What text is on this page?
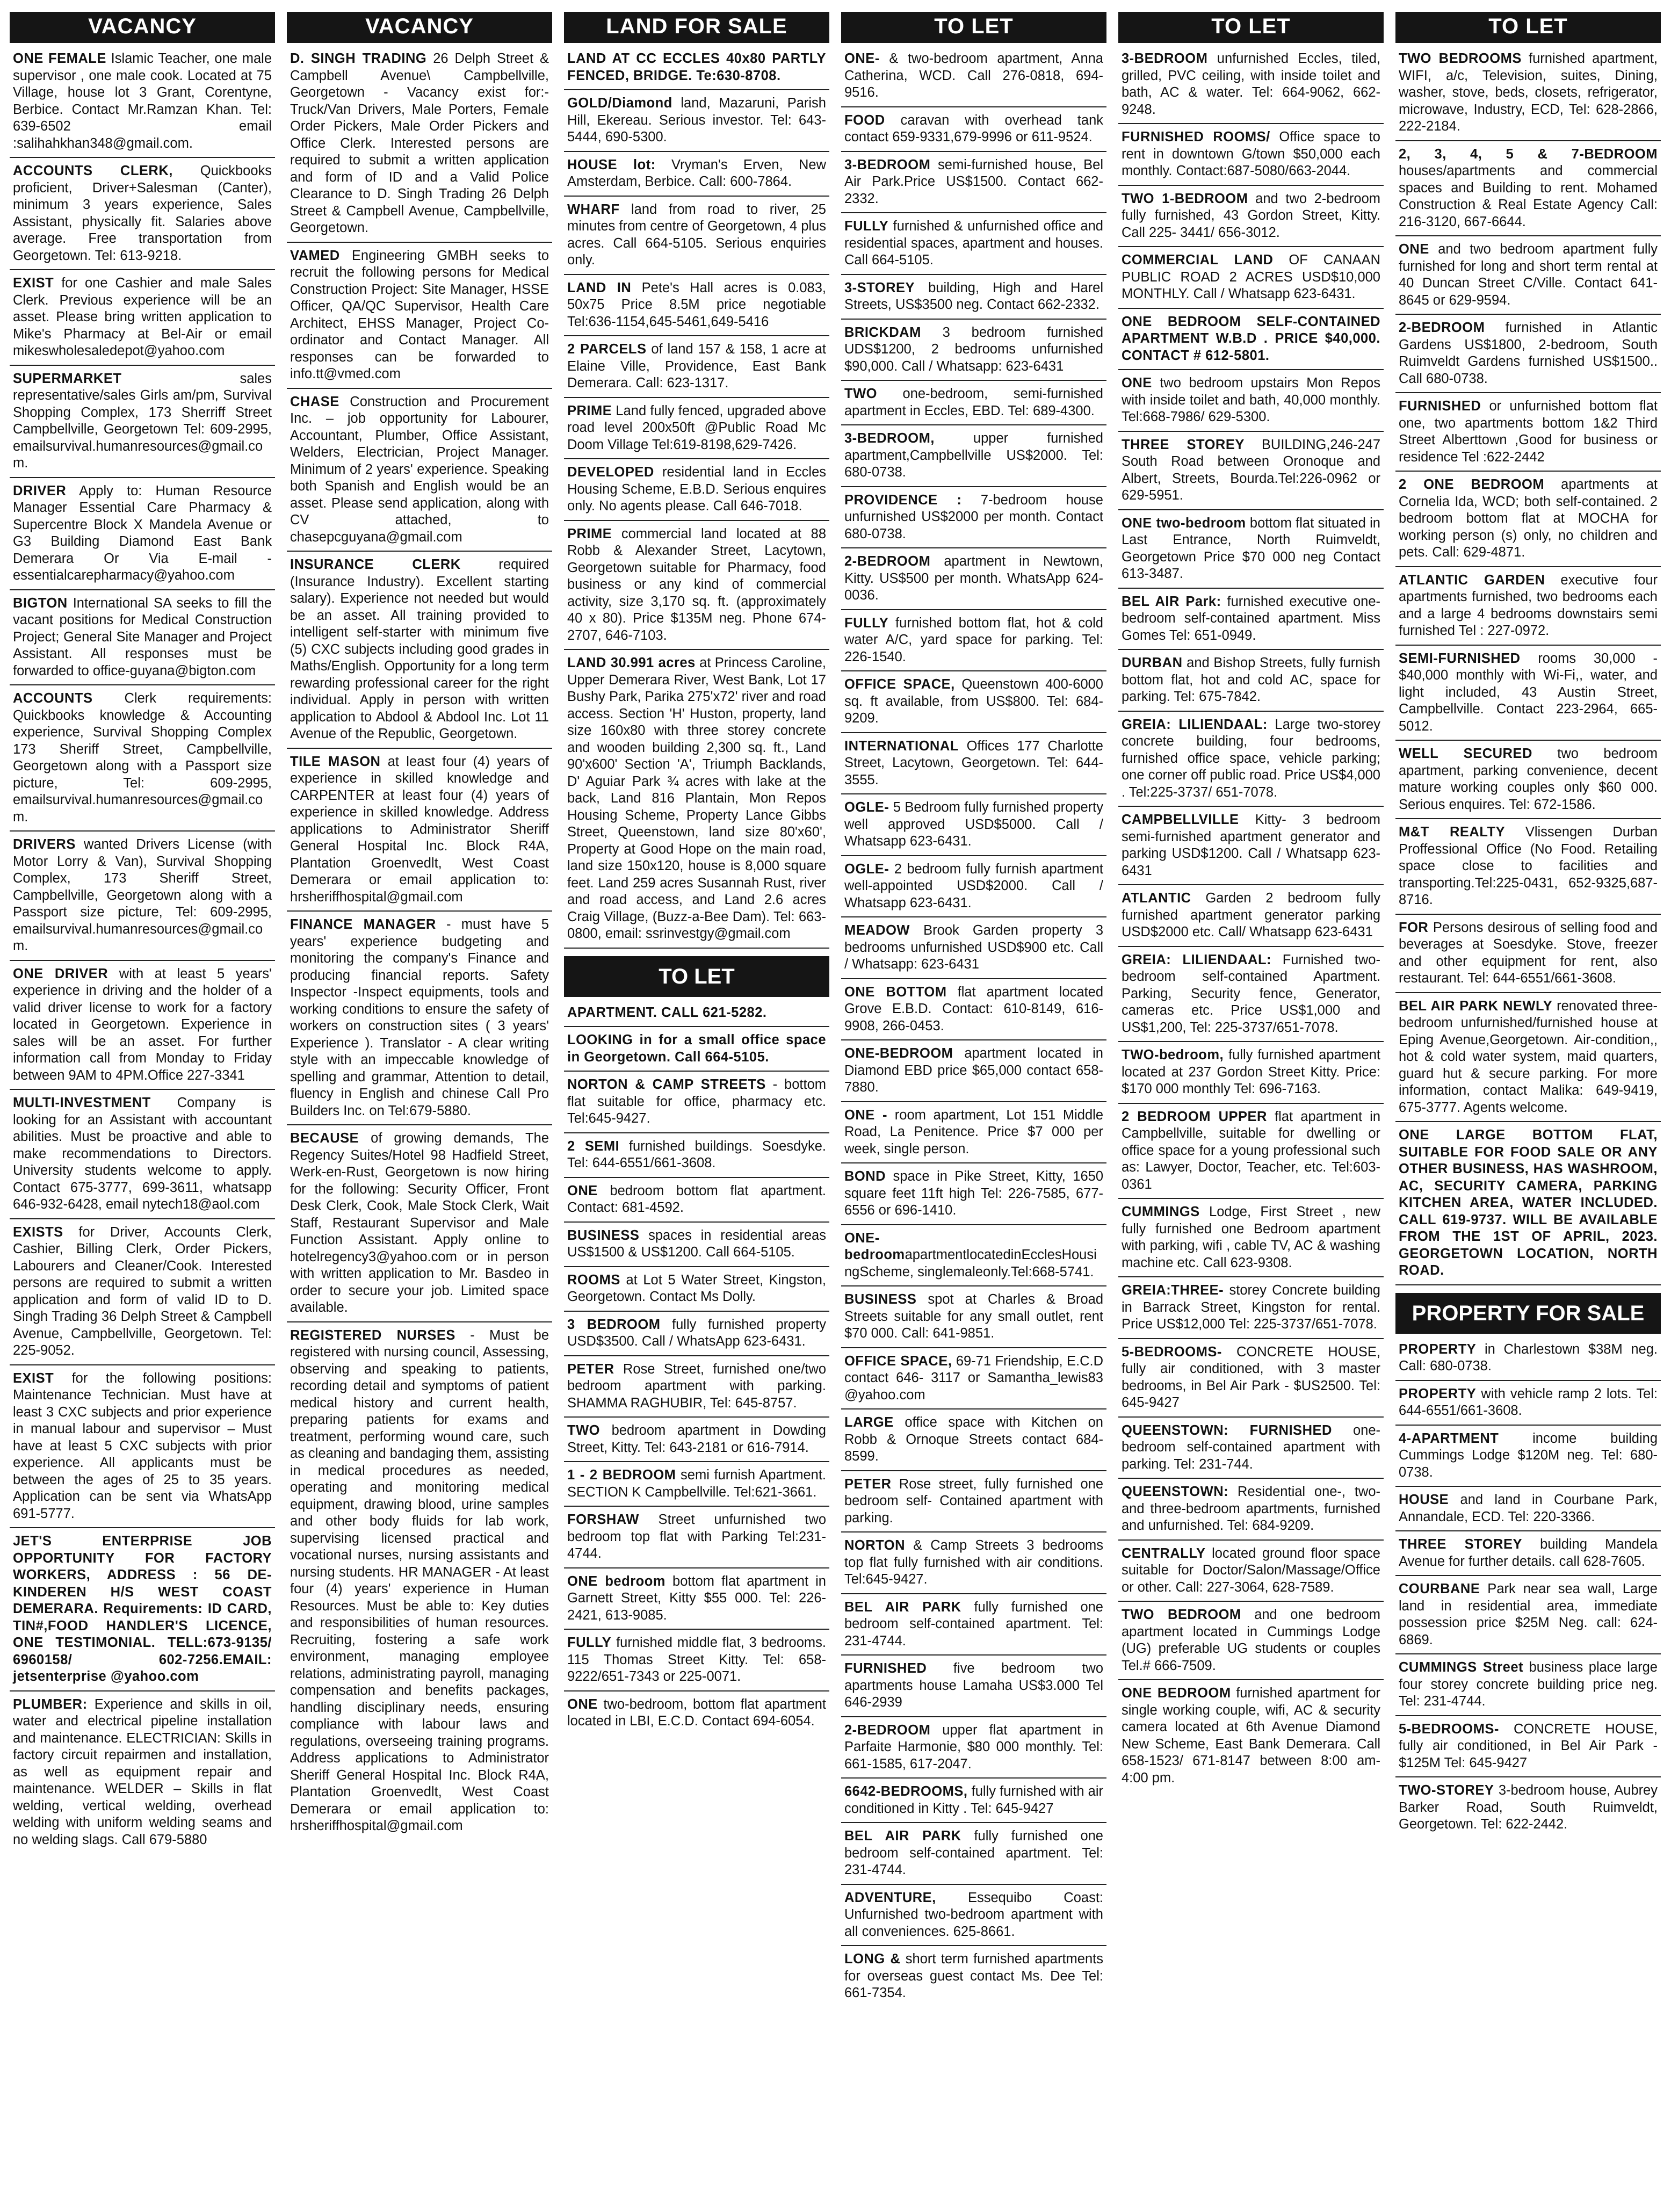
VACANCY
ONE FEMALE Islamic Teacher, one male supervisor , one male cook. Located at 75 Village, house lot 3 Grant, Corentyne, Berbice. Contact Mr.Ramzan Khan. Tel: 639-6502 email :salihahkhan348@gmail.com.
ACCOUNTS CLERK, Quickbooks proficient, Driver+Salesman (Canter), minimum 3 years experience, Sales Assistant, physically fit. Salaries above average. Free transportation from Georgetown. Tel: 613-9218.
EXIST for one Cashier and male Sales Clerk. Previous experience will be an asset. Please bring written application to Mike's Pharmacy at Bel-Air or email mikeswholesaledepot@yahoo.com
SUPERMARKET sales representative/sales Girls am/pm, Survival Shopping Complex, 173 Sherriff Street Campbellville, Georgetown Tel: 609-2995, emailsurvival.humanresources@gmail.com.
DRIVER Apply to: Human Resource Manager Essential Care Pharmacy & Supercentre Block X Mandela Avenue or G3 Building Diamond East Bank Demerara Or Via E-mail - essentialcarepharmacy@yahoo.com
BIGTON International SA seeks to fill the vacant positions for Medical Construction Project; General Site Manager and Project Assistant. All responses must be forwarded to office-guyana@bigton.com
ACCOUNTS Clerk requirements: Quickbooks knowledge & Accounting experience, Survival Shopping Complex 173 Sheriff Street, Campbellville, Georgetown along with a Passport size picture, Tel: 609-2995, emailsurvival.humanresources@gmail.com.
DRIVERS wanted Drivers License (with Motor Lorry & Van), Survival Shopping Complex, 173 Sheriff Street, Campbellville, Georgetown along with a Passport size picture, Tel: 609-2995, emailsurvival.humanresources@gmail.com.
ONE DRIVER with at least 5 years' experience in driving and the holder of a valid driver license to work for a factory located in Georgetown. Experience in sales will be an asset. For further information call from Monday to Friday between 9AM to 4PM.Office 227-3341
MULTI-INVESTMENT Company is looking for an Assistant with accountant abilities. Must be proactive and able to make recommendations to Directors. University students welcome to apply. Contact 675-3777, 699-3611, whatsapp 646-932-6428, email nytech18@aol.com
EXISTS for Driver, Accounts Clerk, Cashier, Billing Clerk, Order Pickers, Labourers and Cleaner/Cook. Interested persons are required to submit a written application and form of valid ID to D. Singh Trading 36 Delph Street & Campbell Avenue, Campbellville, Georgetown. Tel: 225-9052.
EXIST for the following positions: Maintenance Technician. Must have at least 3 CXC subjects and prior experience in manual labour and supervisor – Must have at least 5 CXC subjects with prior experience. All applicants must be between the ages of 25 to 35 years. Application can be sent via WhatsApp 691-5777.
JET'S ENTERPRISE JOB OPPORTUNITY FOR FACTORY WORKERS, ADDRESS : 56 DE-KINDEREN H/S WEST COAST DEMERARA. Requirements: ID CARD, TIN#,FOOD HANDLER'S LICENCE, ONE TESTIMONIAL. TELL:673-9135/ 6960158/ 602-7256.EMAIL: jetsenterprise @yahoo.com
PLUMBER: Experience and skills in oil, water and electrical pipeline installation and maintenance. ELECTRICIAN: Skills in factory circuit repairmen and installation, as well as equipment repair and maintenance. WELDER – Skills in flat welding, vertical welding, overhead welding with uniform welding seams and no welding slags. Call 679-5880
VACANCY
D. SINGH TRADING 26 Delph Street & Campbell Avenue\ Campbellville, Georgetown - Vacancy exist for:-Truck/Van Drivers, Male Porters, Female Order Pickers, Male Order Pickers and Office Clerk. Interested persons are required to submit a written application and form of ID and a Valid Police Clearance to D. Singh Trading 26 Delph Street & Campbell Avenue, Campbellville, Georgetown.
VAMED Engineering GMBH seeks to recruit the following persons for Medical Construction Project: Site Manager, HSSE Officer, QA/QC Supervisor, Health Care Architect, EHSS Manager, Project Co-ordinator and Contact Manager. All responses can be forwarded to info.tt@vmed.com
CHASE Construction and Procurement Inc. – job opportunity for Labourer, Accountant, Plumber, Office Assistant, Welders, Electrician, Project Manager. Minimum of 2 years' experience. Speaking both Spanish and English would be an asset. Please send application, along with CV attached, to chasepcguyana@gmail.com
INSURANCE CLERK required (Insurance Industry). Excellent starting salary). Experience not needed but would be an asset. All training provided to intelligent self-starter with minimum five (5) CXC subjects including good grades in Maths/English. Opportunity for a long term rewarding professional career for the right individual. Apply in person with written application to Abdool & Abdool Inc. Lot 11 Avenue of the Republic, Georgetown.
TILE MASON at least four (4) years of experience in skilled knowledge and CARPENTER at least four (4) years of experience in skilled knowledge. Address applications to Administrator Sheriff General Hospital Inc. Block R4A, Plantation Groenvedlt, West Coast Demerara or email application to: hrsheriffhospital@gmail.com
FINANCE MANAGER - must have 5 years' experience budgeting and monitoring the company's Finance and producing financial reports. Safety Inspector -Inspect equipments, tools and working conditions to ensure the safety of workers on construction sites ( 3 years' Experience ). Translator - A clear writing style with an impeccable knowledge of spelling and grammar, Attention to detail, fluency in English and chinese Call Pro Builders Inc. on Tel:679-5880.
BECAUSE of growing demands, The Regency Suites/Hotel 98 Hadfield Street, Werk-en-Rust, Georgetown is now hiring for the following: Security Officer, Front Desk Clerk, Cook, Male Stock Clerk, Wait Staff, Restaurant Supervisor and Male Function Assistant. Apply online to hotelregency3@yahoo.com or in person with written application to Mr. Basdeo in order to secure your job. Limited space available.
REGISTERED NURSES - Must be registered with nursing council, Assessing, observing and speaking to patients, recording detail and symptoms of patient medical history and current health, preparing patients for exams and treatment, performing wound care, such as cleaning and bandaging them, assisting in medical procedures as needed, operating and monitoring medical equipment, drawing blood, urine samples and other body fluids for lab work, supervising licensed practical and vocational nurses, nursing assistants and nursing students. HR MANAGER - At least four (4) years' experience in Human Resources. Must be able to: Key duties and responsibilities of human resources. Recruiting, fostering a safe work environment, managing employee relations, administrating payroll, managing compensation and benefits packages, handling disciplinary needs, ensuring compliance with labour laws and regulations, overseeing training programs. Address applications to Administrator Sheriff General Hospital Inc. Block R4A, Plantation Groenvedlt, West Coast Demerara or email application to: hrsheriffhospital@gmail.com
LAND FOR SALE
LAND AT CC ECCLES 40x80 PARTLY FENCED, BRIDGE. Te:630-8708.
GOLD/Diamond land, Mazaruni, Parish Hill, Ekereau. Serious investor. Tel: 643-5444, 690-5300.
HOUSE lot: Vryman's Erven, New Amsterdam, Berbice. Call: 600-7864.
WHARF land from road to river, 25 minutes from centre of Georgetown, 4 plus acres. Call 664-5105. Serious enquiries only.
LAND IN Pete's Hall acres is 0.083, 50x75 Price 8.5M price negotiable Tel:636-1154,645-5461,649-5416
2 PARCELS of land 157 & 158, 1 acre at Elaine Ville, Providence, East Bank Demerara. Call: 623-1317.
PRIME Land fully fenced, upgraded above road level 200x50ft @Public Road Mc Doom Village Tel:619-8198,629-7426.
DEVELOPED residential land in Eccles Housing Scheme, E.B.D. Serious enquires only. No agents please. Call 646-7018.
PRIME commercial land located at 88 Robb & Alexander Street, Lacytown, Georgetown suitable for Pharmacy, food business or any kind of commercial activity, size 3,170 sq. ft. (approximately 40 x 80). Price $135M neg. Phone 674-2707, 646-7103.
LAND 30.991 acres at Princess Caroline, Upper Demerara River, West Bank, Lot 17 Bushy Park, Parika 275'x72' river and road access. Section 'H' Huston, property, land size 160x80 with three storey concrete and wooden building 2,300 sq. ft., Land 90'x600' Section 'A', Triumph Backlands, D' Aguiar Park ¾ acres with lake at the back, Land 816 Plantain, Mon Repos Housing Scheme, Property Lance Gibbs Street, Queenstown, land size 80'x60', Property at Good Hope on the main road, land size 150x120, house is 8,000 square feet. Land 259 acres Susannah Rust, river and road access, and Land 2.6 acres Craig Village, (Buzz-a-Bee Dam). Tel: 663-0800, email: ssrinvestgy@gmail.com
TO LET
APARTMENT. CALL 621-5282.
LOOKING in for a small office space in Georgetown. Call 664-5105.
NORTON & CAMP STREETS - bottom flat suitable for office, pharmacy etc. Tel:645-9427.
2 SEMI furnished buildings. Soesdyke. Tel: 644-6551/661-3608.
ONE bedroom bottom flat apartment. Contact: 681-4592.
BUSINESS spaces in residential areas US$1500 & US$1200. Call 664-5105.
ROOMS at Lot 5 Water Street, Kingston, Georgetown. Contact Ms Dolly.
3 BEDROOM fully furnished property USD$3500. Call / WhatsApp 623-6431.
PETER Rose Street, furnished one/two bedroom apartment with parking. SHAMMA RAGHUBIR, Tel: 645-8757.
TWO bedroom apartment in Dowding Street, Kitty. Tel: 643-2181 or 616-7914.
1 - 2 BEDROOM semi furnish Apartment. SECTION K Campbellville. Tel:621-3661.
FORSHAW Street unfurnished two bedroom top flat with Parking Tel:231-4744.
ONE bedroom bottom flat apartment in Garnett Street, Kitty $55 000. Tel: 226-2421, 613-9085.
FULLY furnished middle flat, 3 bedrooms. 115 Thomas Street Kitty. Tel: 658-9222/651-7343 or 225-0071.
ONE two-bedroom, bottom flat apartment located in LBI, E.C.D. Contact 694-6054.
TO LET
ONE- & two-bedroom apartment, Anna Catherina, WCD. Call 276-0818, 694-9516.
FOOD caravan with overhead tank contact 659-9331,679-9996 or 611-9524.
3-BEDROOM semi-furnished house, Bel Air Park.Price US$1500. Contact 662-2332.
FULLY furnished & unfurnished office and residential spaces, apartment and houses. Call 664-5105.
3-STOREY building, High and Harel Streets, US$3500 neg. Contact 662-2332.
BRICKDAM 3 bedroom furnished UDS$1200, 2 bedrooms unfurnished $90,000. Call / Whatsapp: 623-6431
TWO one-bedroom, semi-furnished apartment in Eccles, EBD. Tel: 689-4300.
3-BEDROOM, upper furnished apartment,Campbellville US$2000. Tel: 680-0738.
PROVIDENCE : 7-bedroom house unfurnished US$2000 per month. Contact 680-0738.
2-BEDROOM apartment in Newtown, Kitty. US$500 per month. WhatsApp 624-0036.
FULLY furnished bottom flat, hot & cold water A/C, yard space for parking. Tel: 226-1540.
OFFICE SPACE, Queenstown 400-6000 sq. ft available, from US$800. Tel: 684-9209.
INTERNATIONAL Offices 177 Charlotte Street, Lacytown, Georgetown. Tel: 644-3555.
OGLE- 5 Bedroom fully furnished property well approved USD$5000. Call / Whatsapp 623-6431.
OGLE- 2 bedroom fully furnish apartment well-appointed USD$2000. Call / Whatsapp 623-6431.
MEADOW Brook Garden property 3 bedrooms unfurnished USD$900 etc. Call / Whatsapp: 623-6431
ONE BOTTOM flat apartment located Grove E.B.D. Contact: 610-8149, 616-9908, 266-0453.
ONE-BEDROOM apartment located in Diamond EBD price $65,000 contact 658-7880.
ONE - room apartment, Lot 151 Middle Road, La Penitence. Price $7 000 per week, single person.
BOND space in Pike Street, Kitty, 1650 square feet 11ft high Tel: 226-7585, 677-6556 or 696-1410.
ONE-bedroomapartmentlocatedinEcclesHousingScheme, singlemaleonly.Tel:668-5741.
BUSINESS spot at Charles & Broad Streets suitable for any small outlet, rent $70 000. Call: 641-9851.
OFFICE SPACE, 69-71 Friendship, E.C.D contact 646- 3117 or Samantha_lewis83 @yahoo.com
LARGE office space with Kitchen on Robb & Ornoque Streets contact 684-8599.
PETER Rose street, fully furnished one bedroom self- Contained apartment with parking.
NORTON & Camp Streets 3 bedrooms top flat fully furnished with air conditions. Tel:645-9427.
BEL AIR PARK fully furnished one bedroom self-contained apartment. Tel: 231-4744.
FURNISHED five bedroom two apartments house Lamaha US$3.000 Tel 646-2939
2-BEDROOM upper flat apartment in Parfaite Harmonie, $80 000 monthly. Tel: 661-1585, 617-2047.
6642-BEDROOMS, fully furnished with air conditioned in Kitty . Tel: 645-9427
BEL AIR PARK fully furnished one bedroom self-contained apartment. Tel: 231-4744.
ADVENTURE, Essequibo Coast: Unfurnished two-bedroom apartment with all conveniences. 625-8661.
LONG & short term furnished apartments for overseas guest contact Ms. Dee Tel: 661-7354.
TO LET
3-BEDROOM unfurnished Eccles, tiled, grilled, PVC ceiling, with inside toilet and bath, AC & water. Tel: 664-9062, 662-9248.
FURNISHED ROOMS/ Office space to rent in downtown G/town $50,000 each monthly. Contact:687-5080/663-2044.
TWO 1-BEDROOM and two 2-bedroom fully furnished, 43 Gordon Street, Kitty. Call 225- 3441/ 656-3012.
COMMERCIAL LAND OF CANAAN PUBLIC ROAD 2 ACRES USD$10,000 MONTHLY. Call / Whatsapp 623-6431.
ONE BEDROOM SELF-CONTAINED APARTMENT W.B.D . PRICE $40,000. CONTACT # 612-5801.
ONE two bedroom upstairs Mon Repos with inside toilet and bath, 40,000 monthly. Tel:668-7986/ 629-5300.
THREE STOREY BUILDING,246-247 South Road between Oronoque and Albert, Streets, Bourda.Tel:226-0962 or 629-5951.
ONE two-bedroom bottom flat situated in Last Entrance, North Ruimveldt, Georgetown Price $70 000 neg Contact 613-3487.
BEL AIR Park: furnished executive one-bedroom self-contained apartment. Miss Gomes Tel: 651-0949.
DURBAN and Bishop Streets, fully furnish bottom flat, hot and cold AC, space for parking. Tel: 675-7842.
GREIA: LILIENDAAL: Large two-storey concrete building, four bedrooms, furnished office space, vehicle parking; one corner off public road. Price US$4,000 . Tel:225-3737/ 651-7078.
CAMPBELLVILLE Kitty- 3 bedroom semi-furnished apartment generator and parking USD$1200. Call / Whatsapp 623-6431
ATLANTIC Garden 2 bedroom fully furnished apartment generator parking USD$2000 etc. Call/ Whatsapp 623-6431
GREIA: LILIENDAAL: Furnished two-bedroom self-contained Apartment. Parking, Security fence, Generator, cameras etc. Price US$1,000 and US$1,200, Tel: 225-3737/651-7078.
TWO-bedroom, fully furnished apartment located at 237 Gordon Street Kitty. Price: $170 000 monthly Tel: 696-7163.
2 BEDROOM UPPER flat apartment in Campbellville, suitable for dwelling or office space for a young professional such as: Lawyer, Doctor, Teacher, etc. Tel:603-0361
CUMMINGS Lodge, First Street , new fully furnished one Bedroom apartment with parking, wifi , cable TV, AC & washing machine etc. Call 623-9308.
GREIA:THREE- storey Concrete building in Barrack Street, Kingston for rental. Price US$12,000 Tel: 225-3737/651-7078.
5-BEDROOMS- CONCRETE HOUSE, fully air conditioned, with 3 master bedrooms, in Bel Air Park - $US2500. Tel: 645-9427
QUEENSTOWN: FURNISHED one-bedroom self-contained apartment with parking. Tel: 231-744.
QUEENSTOWN: Residential one-, two- and three-bedroom apartments, furnished and unfurnished. Tel: 684-9209.
CENTRALLY located ground floor space suitable for Doctor/Salon/Massage/Office or other. Call: 227-3064, 628-7589.
TWO BEDROOM and one bedroom apartment located in Cummings Lodge (UG) preferable UG students or couples Tel.# 666-7509.
ONE BEDROOM furnished apartment for single working couple, wifi, AC & security camera located at 6th Avenue Diamond New Scheme, East Bank Demerara. Call 658-1523/ 671-8147 between 8:00 am-4:00 pm.
TO LET
TWO BEDROOMS furnished apartment, WIFI, a/c, Television, suites, Dining, washer, stove, beds, closets, refrigerator, microwave, Industry, ECD, Tel: 628-2866, 222-2184.
2, 3, 4, 5 & 7-BEDROOM houses/apartments and commercial spaces and Building to rent. Mohamed Construction & Real Estate Agency Call: 216-3120, 667-6644.
ONE and two bedroom apartment fully furnished for long and short term rental at 40 Duncan Street C/Ville. Contact 641-8645 or 629-9594.
2-BEDROOM furnished in Atlantic Gardens US$1800, 2-bedroom, South Ruimveldt Gardens furnished US$1500.. Call 680-0738.
FURNISHED or unfurnished bottom flat one, two apartments bottom 1&2 Third Street Alberttown ,Good for business or residence Tel :622-2442
2 ONE BEDROOM apartments at Cornelia Ida, WCD; both self-contained. 2 bedroom bottom flat at MOCHA for working person (s) only, no children and pets. Call: 629-4871.
ATLANTIC GARDEN executive four apartments furnished, two bedrooms each and a large 4 bedrooms downstairs semi furnished Tel : 227-0972.
SEMI-FURNISHED rooms 30,000 - $40,000 monthly with Wi-Fi,, water, and light included, 43 Austin Street, Campbellville. Contact 223-2964, 665-5012.
WELL SECURED two bedroom apartment, parking convenience, decent mature working couples only $60 000. Serious enquires. Tel: 672-1586.
M&T REALTY Vlissengen Durban Proffessional Office (No Food. Retailing space close to facilities and transporting.Tel:225-0431, 652-9325,687-8716.
FOR Persons desirous of selling food and beverages at Soesdyke. Stove, freezer and other equipment for rent, also restaurant. Tel: 644-6551/661-3608.
BEL AIR PARK NEWLY renovated three-bedroom unfurnished/furnished house at Eping Avenue,Georgetown. Air-condition,, hot & cold water system, maid quarters, guard hut & secure parking. For more information, contact Malika: 649-9419, 675-3777. Agents welcome.
ONE LARGE BOTTOM FLAT, SUITABLE FOR FOOD SALE OR ANY OTHER BUSINESS, HAS WASHROOM, AC, SECURITY CAMERA, PARKING KITCHEN AREA, WATER INCLUDED. CALL 619-9737. WILL BE AVAILABLE FROM THE 1ST OF APRIL, 2023. GEORGETOWN LOCATION, NORTH ROAD.
PROPERTY FOR SALE
PROPERTY in Charlestown $38M neg. Call: 680-0738.
PROPERTY with vehicle ramp 2 lots. Tel: 644-6551/661-3608.
4-APARTMENT income building Cummings Lodge $120M neg. Tel: 680-0738.
HOUSE and land in Courbane Park, Annandale, ECD. Tel: 220-3366.
THREE STOREY building Mandela Avenue for further details. call 628-7605.
COURBANE Park near sea wall, Large land in residential area, immediate possession price $25M Neg. call: 624-6869.
CUMMINGS Street business place large four storey concrete building price neg. Tel: 231-4744.
5-BEDROOMS- CONCRETE HOUSE, fully air conditioned, in Bel Air Park - $125M Tel: 645-9427
TWO-STOREY 3-bedroom house, Aubrey Barker Road, South Ruimveldt, Georgetown. Tel: 622-2442.
